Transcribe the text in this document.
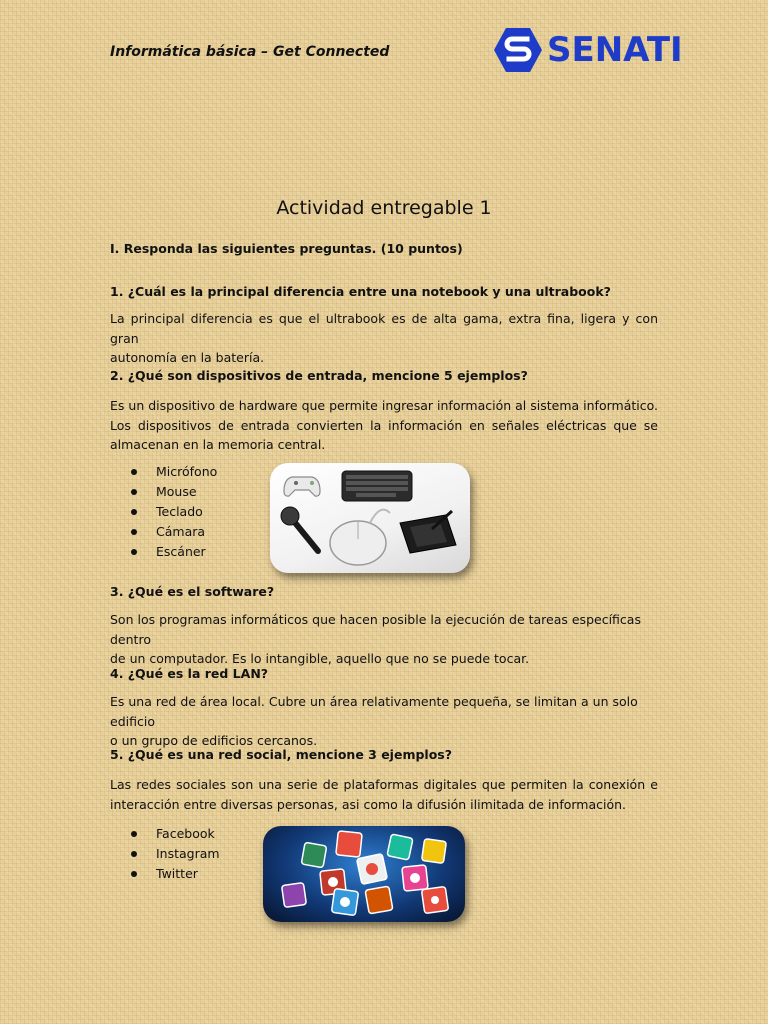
Informática básica – Get Connected	SENATI
Actividad entregable 1
I. Responda las siguientes preguntas. (10 puntos)
1. ¿Cuál es la principal diferencia entre una notebook y una ultrabook?
La principal diferencia es que el ultrabook es de alta gama, extra fina, ligera y con gran
autonomía en la batería.
2. ¿Qué son dispositivos de entrada, mencione 5 ejemplos?
Es un dispositivo de hardware que permite ingresar información al sistema informático.
Los dispositivos de entrada convierten la información en señales eléctricas que se
almacenan en la memoria central.
Micrófono
Mouse
Teclado
Cámara
Escáner
3. ¿Qué es el software?
Son los programas informáticos que hacen posible la ejecución de tareas específicas dentro
de un computador. Es lo intangible, aquello que no se puede tocar.
4. ¿Qué es la red LAN?
Es una red de área local. Cubre un área relativamente pequeña, se limitan a un solo edificio
o un grupo de edificios cercanos.
5. ¿Qué es una red social, mencione 3 ejemplos?
Las redes sociales son una serie de plataformas digitales que permiten la conexión e
interacción entre diversas personas, asi como la difusión ilimitada de información.
Facebook
Instagram
Twitter
